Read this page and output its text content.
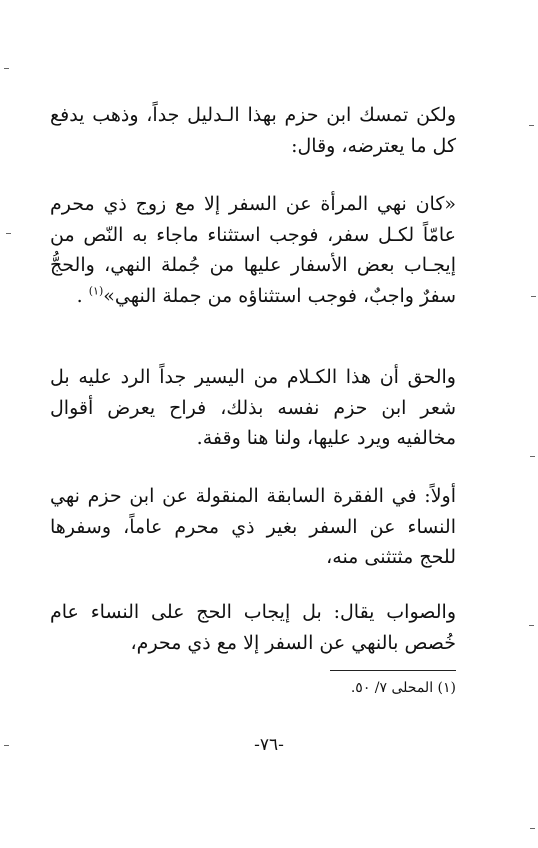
ولكن تمسك ابن حزم بهذا الـدليل جداً، وذهب يدفع كل ما يعترضه، وقال:

«كان نهي المرأة عن السفر إلا مع زوج ذي محرم عامّاً لكـل سفر، فوجب استثناء ماجاء به النّص من إيجـاب بعض الأسفار عليها من جُملة النهي، والحجُّ سفرٌ واجبٌ، فوجب استثناؤه من جملة النهي»$^{(١)}$ .

والحق أن هذا الكـلام من اليسير جداً الرد عليه بل شعر ابن حزم نفسه بذلك، فراح يعرض أقوال مخالفيه ويرد عليها، ولنا هنا وقفة.

أولاً: في الفقرة السابقة المنقولة عن ابن حزم نهي النساء عن السفر بغير ذي محرم عاماً، وسفرها للحج مثتثنى منه،

والصواب يقال: بل إيجاب الحج على النساء عام خُصص بالنهي عن السفر إلا مع ذي محرم،

(١) المحلى ٧/ ٥٠.

-٧٦-
